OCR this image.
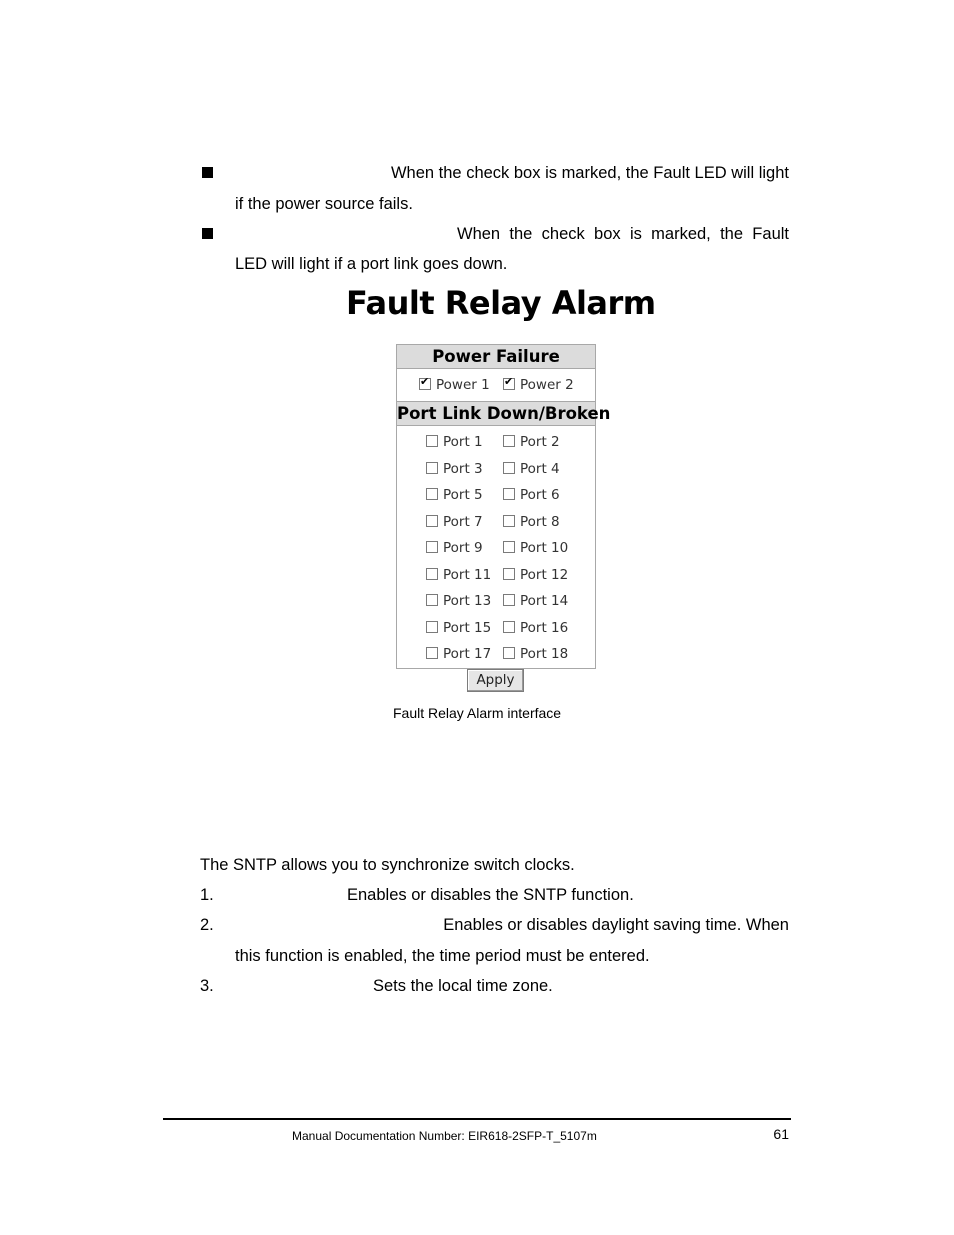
When the check box is marked, the Fault LED will light
if the power source fails.
When the check box is marked, the Fault
LED will light if a port link goes down.
Fault Relay Alarm
Power Failure
✔Power 1
✔	Power 2
Port Link Down/Broken
Port 1	Port 2
Port 3	Port 4
Port 5	Port 6
Port 7	Port 8
Port 9	Port 10
Port 11	Port 12
Port 13	Port 14
Port 15	Port 16
Port 17	Port 18
Apply
Fault Relay Alarm interface
The SNTP allows you to synchronize switch clocks.
1.	Enables or disables the SNTP function.
2.	Enables or disables daylight saving time. When
this function is enabled, the time period must be entered.
3.	Sets the local time zone.
Manual Documentation Number: EIR618-2SFP-T_5107m	61
